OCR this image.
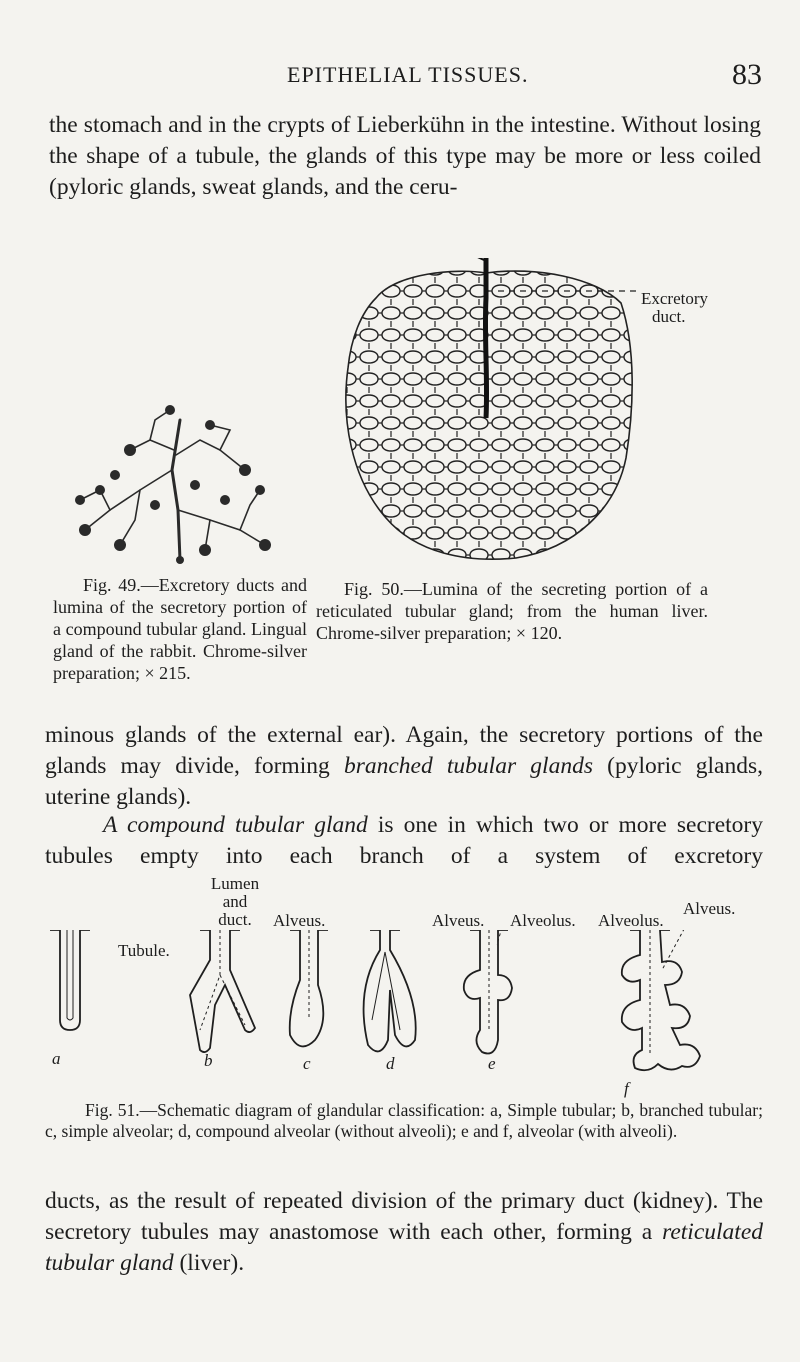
EPITHELIAL TISSUES.	83

the stomach and in the crypts of Lieberkühn in the intestine. Without losing the shape of a tubule, the glands of this type may be more or less coiled (pyloric glands, sweat glands, and the ceru-

Fig. 49.—Excretory ducts and lumina of the secretory portion of a compound tubular gland. Lingual gland of the rabbit. Chrome-silver preparation; × 215.

Excretory
duct.

Fig. 50.—Lumina of the secreting portion of a reticulated tubular gland; from the human liver. Chrome-silver preparation; × 120.

minous glands of the external ear). Again, the secretory portions of the glands may divide, forming branched tubular glands (pyloric glands, uterine glands).

A compound tubular gland is one in which two or more secretory tubules empty into each branch of a system of excretory

Lumen
and
duct.	Alveus.	Alveus. Alveolus. Alveolus.
Alveus.
Tubule.
a	b	c	d	e
f

Fig. 51.—Schematic diagram of glandular classification: a, Simple tubular; b, branched tubular; c, simple alveolar; d, compound alveolar (without alveoli); e and f, alveolar (with alveoli).

ducts, as the result of repeated division of the primary duct (kidney). The secretory tubules may anastomose with each other, forming a reticulated tubular gland (liver).
